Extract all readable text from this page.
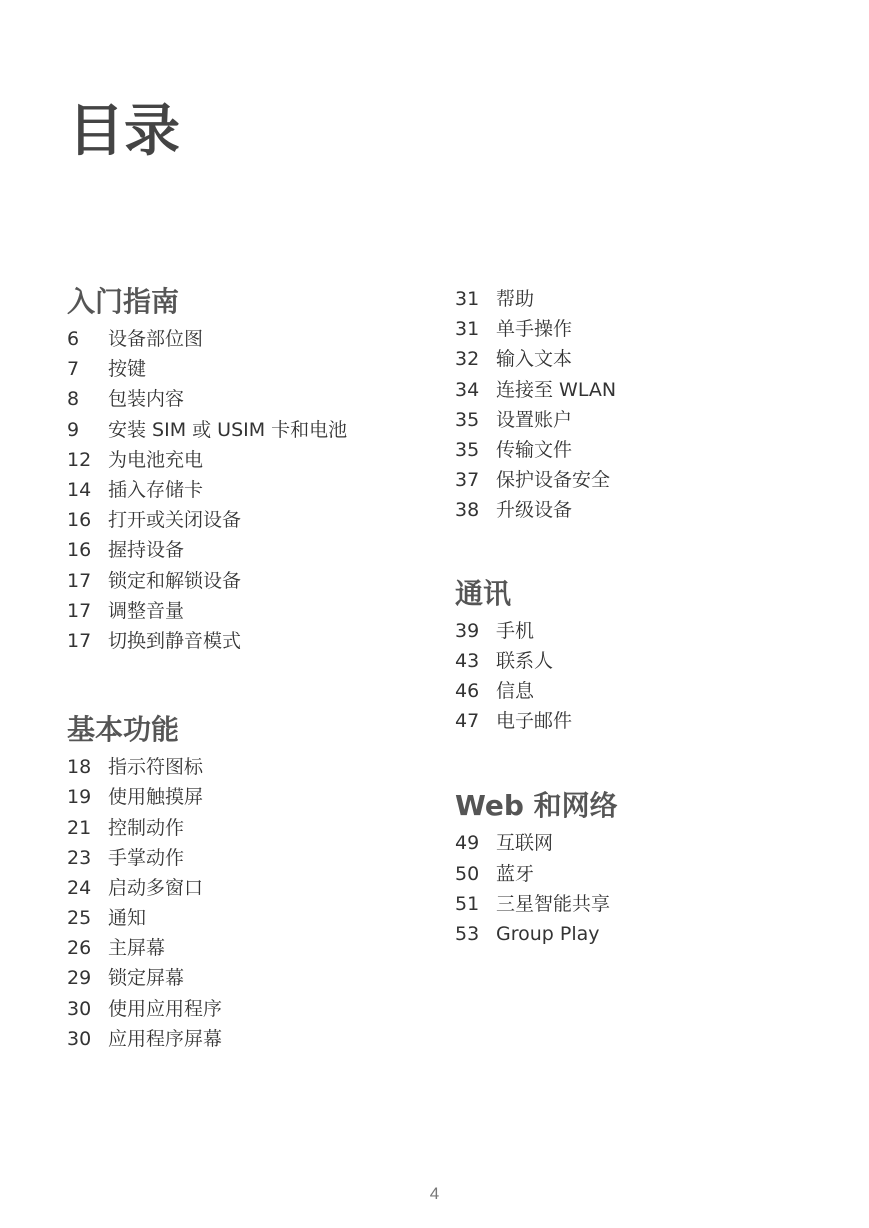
目录
入门指南
6	设备部位图
7	按键
8	包装内容
9	安装 SIM 或 USIM 卡和电池
12 为电池充电
14 插入存储卡
16 打开或关闭设备
16 握持设备
17 锁定和解锁设备
17 调整音量
17 切换到静音模式
基本功能
18 指示符图标
19 使用触摸屏
21 控制动作
23 手掌动作
24 启动多窗口
25 通知
26 主屏幕
29 锁定屏幕
30 使用应用程序
30 应用程序屏幕
31 帮助
31 单手操作
32 输入文本
34 连接至 WLAN
35 设置账户
35 传输文件
37 保护设备安全
38 升级设备
通讯
39 手机
43 联系人
46 信息
47 电子邮件
Web 和网络
49 互联网
50 蓝牙
51 三星智能共享
53 Group Play
4
